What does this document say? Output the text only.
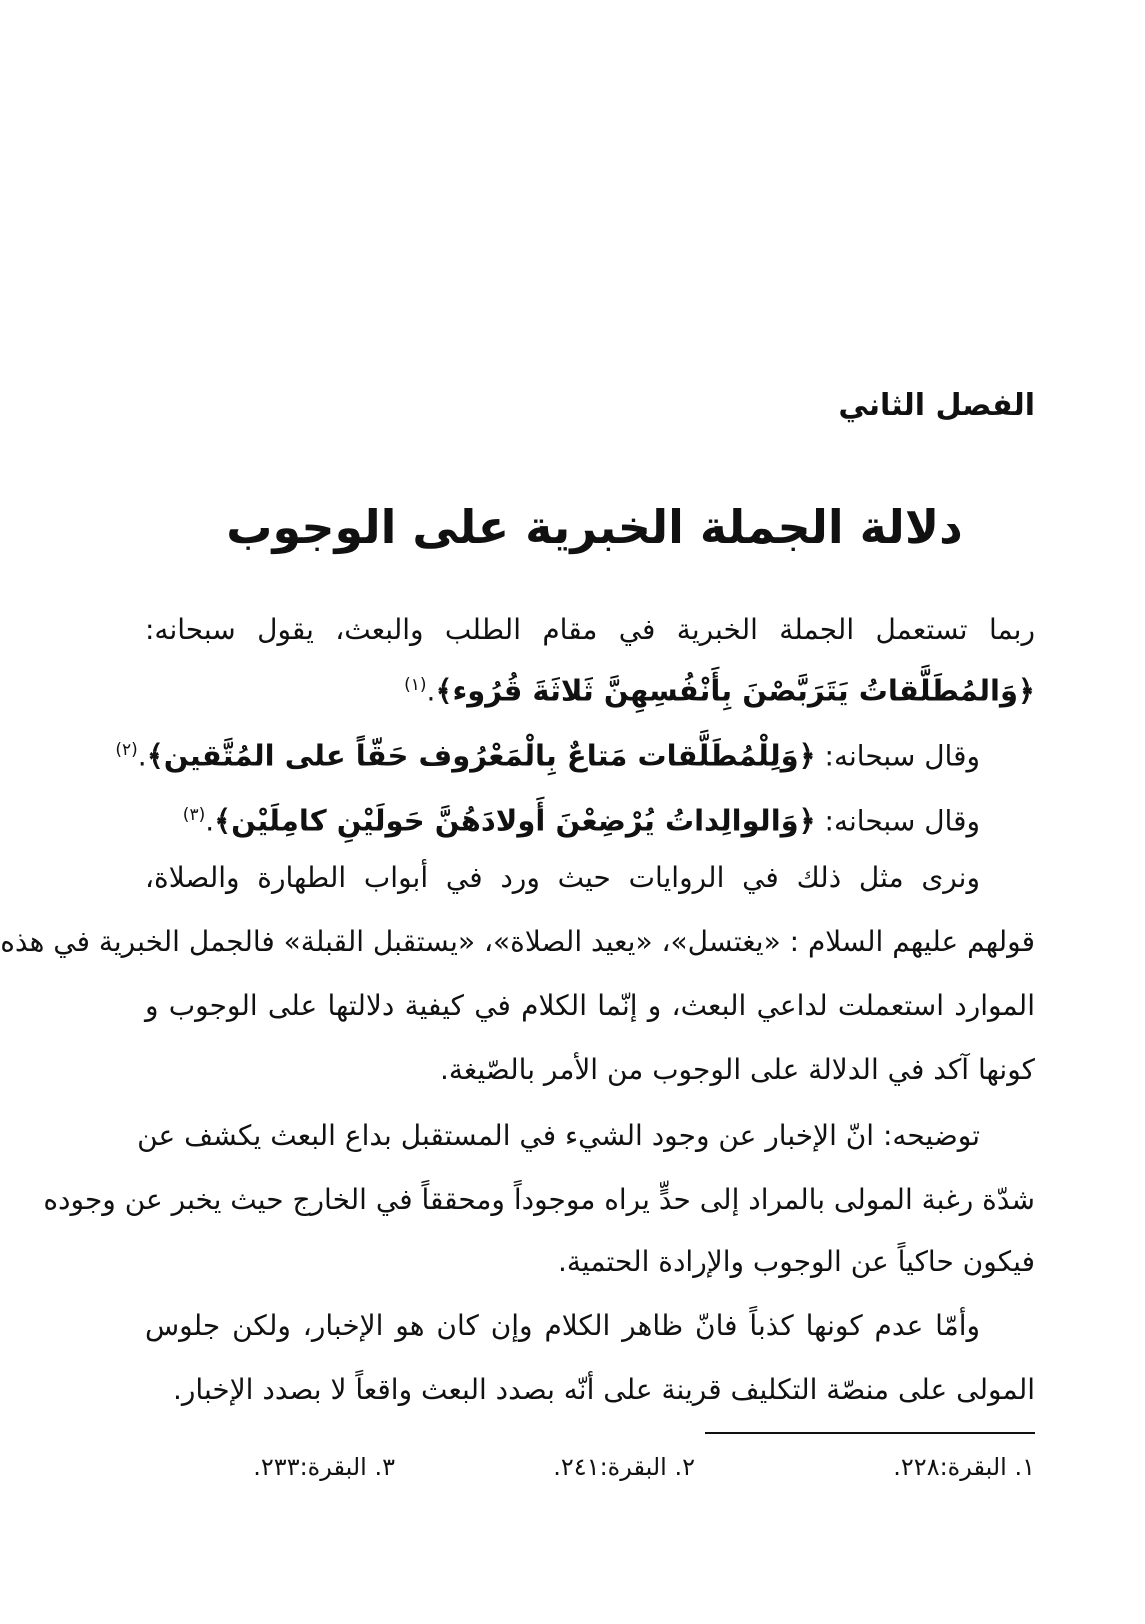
الفصل الثاني
دلالة الجملة الخبرية على الوجوب
ربما تستعمل الجملة الخبرية في مقام الطلب والبعث، يقول سبحانه:
﴿وَالمُطَلَّقاتُ يَتَرَبَّصْنَ بِأَنْفُسِهِنَّ ثَلاثَةَ قُرُوء﴾.$^{(١)}$
وقال سبحانه: ﴿وَلِلْمُطَلَّقات مَتاعٌ بِالْمَعْرُوف حَقّاً على المُتَّقين﴾.$^{(٢)}$
وقال سبحانه: ﴿وَالوالِداتُ يُرْضِعْنَ أَولادَهُنَّ حَولَيْنِ كامِلَيْن﴾.$^{(٣)}$
ونرى مثل ذلك في الروايات حيث ورد في أبواب الطهارة والصلاة،
قولهم عليهم السلام : «يغتسل»، «يعيد الصلاة»، «يستقبل القبلة» فالجمل الخبرية في هذه
الموارد استعملت لداعي البعث، و إنّما الكلام في كيفية دلالتها على الوجوب و
كونها آكد في الدلالة على الوجوب من الأمر بالصّيغة.
توضيحه: انّ الإخبار عن وجود الشيء في المستقبل بداع البعث يكشف عن
شدّة رغبة المولى بالمراد إلى حدٍّ يراه موجوداً ومحققاً في الخارج حيث يخبر عن وجوده
فيكون حاكياً عن الوجوب والإرادة الحتمية.
وأمّا عدم كونها كذباً فانّ ظاهر الكلام وإن كان هو الإخبار، ولكن جلوس
المولى على منصّة التكليف قرينة على أنّه بصدد البعث واقعاً لا بصدد الإخبار.
١. البقرة:٢٢٨.
٢. البقرة:٢٤١.
٣. البقرة:٢٣٣.
